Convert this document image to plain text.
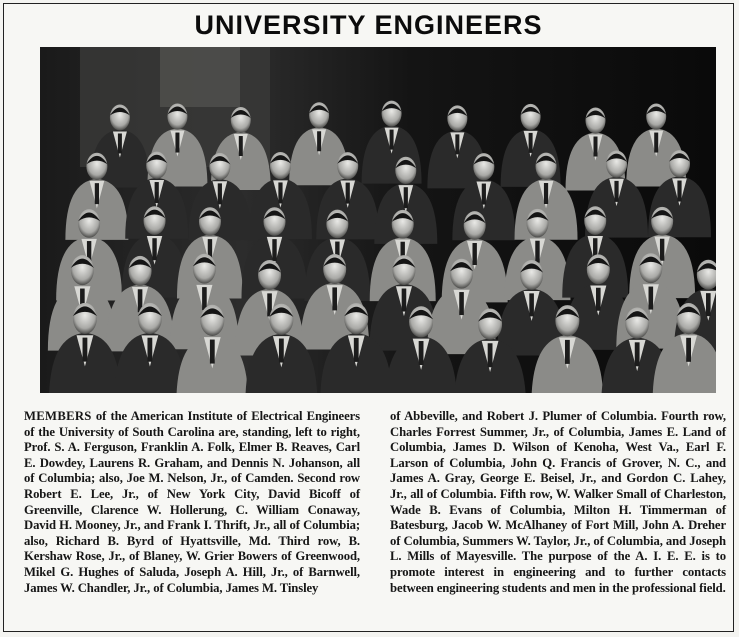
UNIVERSITY ENGINEERS
MEMBERS of the American Institute of Electrical Engineers of the University of South Carolina are, standing, left to right, Prof. S. A. Ferguson, Franklin A. Folk, Elmer B. Reaves, Carl E. Dowdey, Laurens R. Graham, and Dennis N. Johanson, all of Columbia; also, Joe M. Nelson, Jr., of Camden. Second row Robert E. Lee, Jr., of New York City, David Bicoff of Greenville, Clarence W. Hollerung, C. William Conaway, David H. Mooney, Jr., and Frank I. Thrift, Jr., all of Columbia; also, Richard B. Byrd of Hyattsville, Md. Third row, B. Kershaw Rose, Jr., of Blaney, W. Grier Bowers of Greenwood, Mikel G. Hughes of Saluda, Joseph A. Hill, Jr., of Barnwell, James W. Chandler, Jr., of Columbia, James M. Tinsley
of Abbeville, and Robert J. Plumer of Columbia. Fourth row, Charles Forrest Summer, Jr., of Columbia, James E. Land of Columbia, James D. Wilson of Kenoha, West Va., Earl F. Larson of Columbia, John Q. Francis of Grover, N. C., and James A. Gray, George E. Beisel, Jr., and Gordon C. Lahey, Jr., all of Columbia. Fifth row, W. Walker Small of Charleston, Wade B. Evans of Columbia, Milton H. Timmerman of Batesburg, Jacob W. McAlhaney of Fort Mill, John A. Dreher of Columbia, Summers W. Taylor, Jr., of Columbia, and Joseph L. Mills of Mayesville. The purpose of the A. I. E. E. is to promote interest in engineering and to further contacts between engineering students and men in the professional field.
